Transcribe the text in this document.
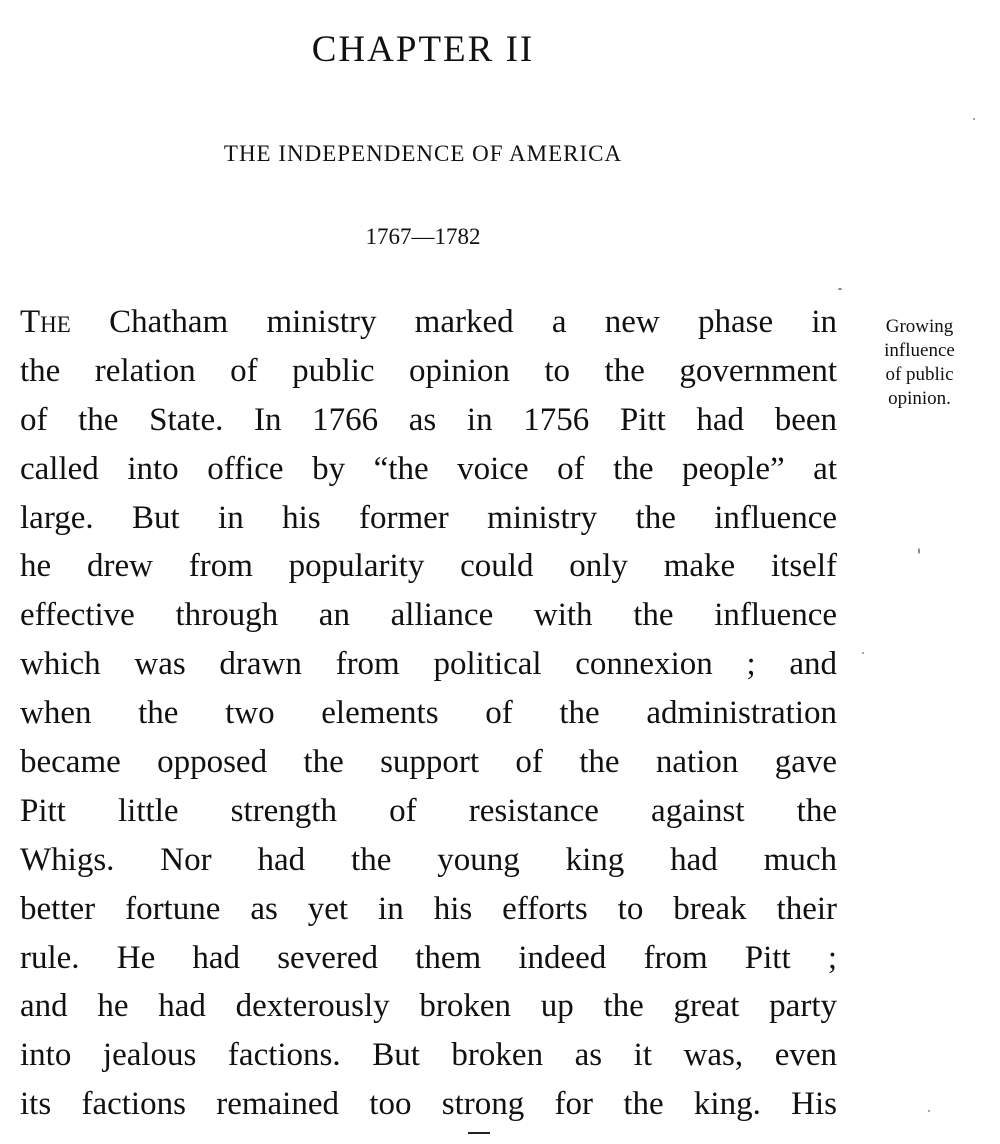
CHAPTER II
THE INDEPENDENCE OF AMERICA
1767—1782
Growing
influence
of public
opinion.
The Chatham ministry marked a new phase in
the relation of public opinion to the government
of the State. In 1766 as in 1756 Pitt had been
called into office by “the voice of the people” at
large. But in his former ministry the influence
he drew from popularity could only make itself
effective through an alliance with the influence
which was drawn from political connexion ; and
when the two elements of the administration
became opposed the support of the nation gave
Pitt little strength of resistance against the
Whigs. Nor had the young king had much
better fortune as yet in his efforts to break their
rule. He had severed them indeed from Pitt ;
and he had dexterously broken up the great party
into jealous factions. But broken as it was, even
its factions remained too strong for the king. His
